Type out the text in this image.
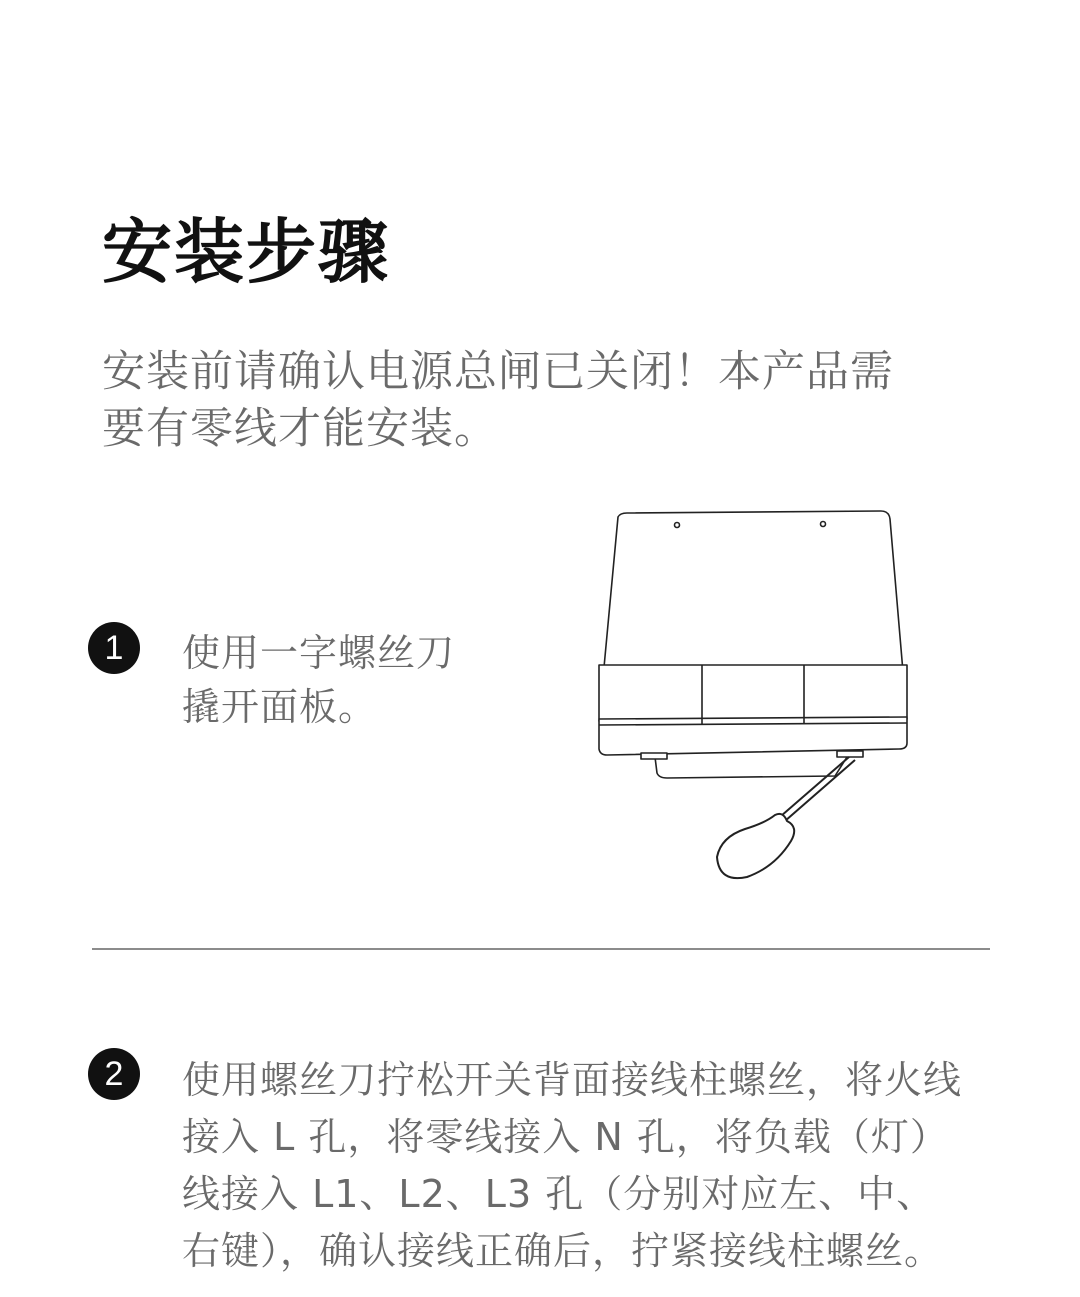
安装步骤
安装前请确认电源总闸已关闭！本产品需
要有零线才能安装。
1	使用一字螺丝刀
撬开面板。
2	使用螺丝刀拧松开关背面接线柱螺丝，将火线
接入 L 孔，将零线接入 N 孔，将负载（灯）
线接入 L1、L2、L3 孔（分别对应左、中、
右键），确认接线正确后，拧紧接线柱螺丝。
